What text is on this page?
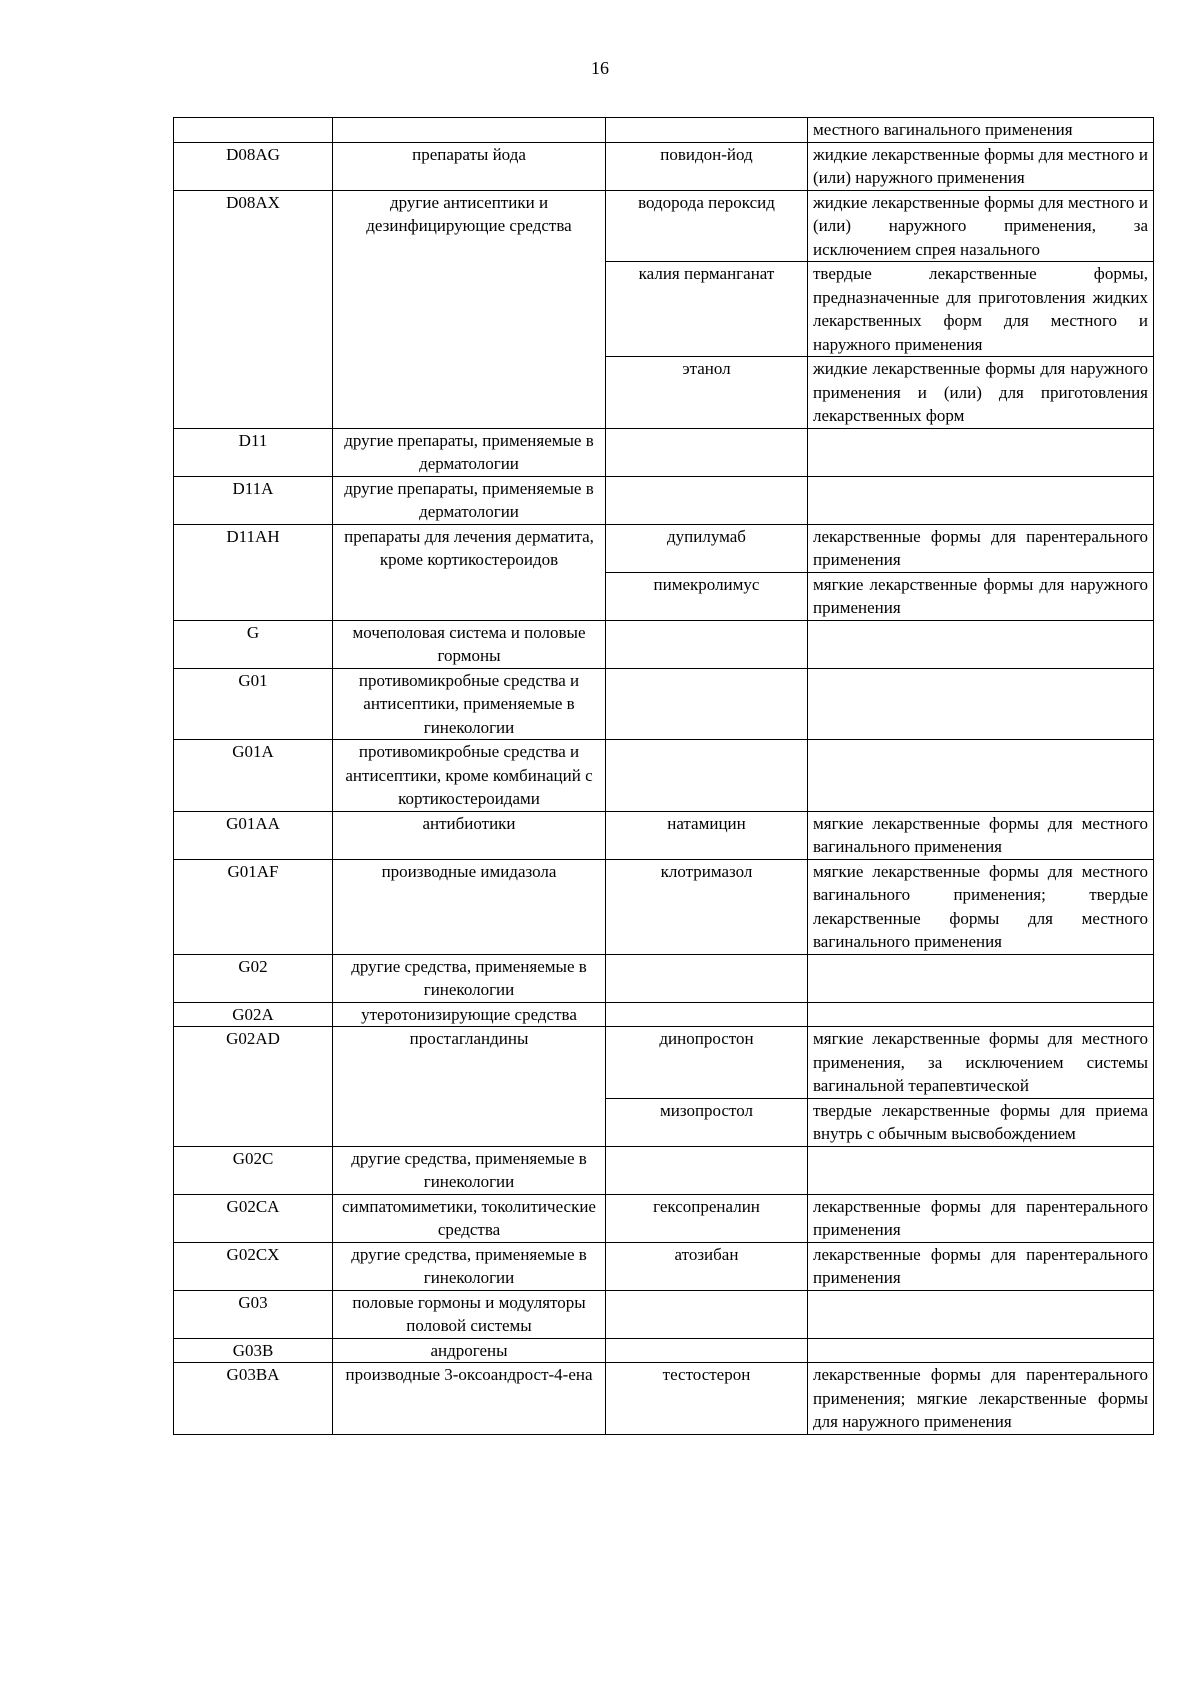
16
			местного вагинального применения
D08AG	препараты йода	повидон-йод	жидкие лекарственные формы для местного и (или) наружного применения
D08AX	другие антисептики и дезинфицирующие средства	водорода пероксид	жидкие лекарственные формы для местного и (или) наружного применения, за исключением спрея назального
		калия перманганат	твердые лекарственные формы, предназначенные для приготовления жидких лекарственных форм для местного и наружного применения
		этанол	жидкие лекарственные формы для наружного применения и (или) для приготовления лекарственных форм
D11	другие препараты, применяемые в дерматологии		
D11A	другие препараты, применяемые в дерматологии		
D11AH	препараты для лечения дерматита, кроме кортикостероидов	дупилумаб	лекарственные формы для парентерального применения
		пимекролимус	мягкие лекарственные формы для наружного применения
G	мочеполовая система и половые гормоны		
G01	противомикробные средства и антисептики, применяемые в гинекологии		
G01A	противомикробные средства и антисептики, кроме комбинаций с кортикостероидами		
G01AA	антибиотики	натамицин	мягкие лекарственные формы для местного вагинального применения
G01AF	производные имидазола	клотримазол	мягкие лекарственные формы для местного вагинального применения; твердые лекарственные формы для местного вагинального применения
G02	другие средства, применяемые в гинекологии		
G02A	утеротонизирующие средства		
G02AD	простагландины	динопростон	мягкие лекарственные формы для местного применения, за исключением системы вагинальной терапевтической
		мизопростол	твердые лекарственные формы для приема внутрь с обычным высвобождением
G02C	другие средства, применяемые в гинекологии		
G02CA	симпатомиметики, токолитические средства	гексопреналин	лекарственные формы для парентерального применения
G02CX	другие средства, применяемые в гинекологии	атозибан	лекарственные формы для парентерального применения
G03	половые гормоны и модуляторы половой системы		
G03B	андрогены		
G03BA	производные 3-оксоандрост-4-ена	тестостерон	лекарственные формы для парентерального применения; мягкие лекарственные формы для наружного применения
